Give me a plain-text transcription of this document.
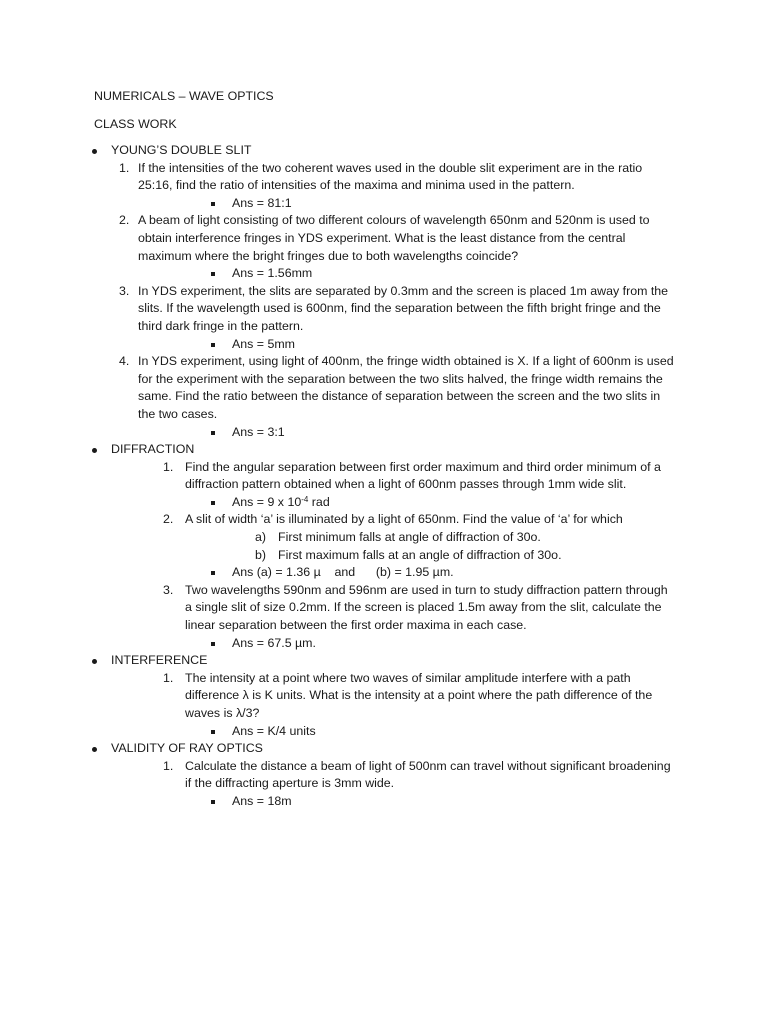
NUMERICALS – WAVE OPTICS
CLASS WORK
YOUNG’S DOUBLE SLIT
1. If the intensities of the two coherent waves used in the double slit experiment are in the ratio 25:16, find the ratio of intensities of the maxima and minima used in the pattern.
Ans = 81:1
2. A beam of light consisting of two different colours of wavelength 650nm and 520nm is used to obtain interference fringes in YDS experiment. What is the least distance from the central maximum where the bright fringes due to both wavelengths coincide?
Ans = 1.56mm
3. In YDS experiment, the slits are separated by 0.3mm and the screen is placed 1m away from the slits. If the wavelength used is 600nm, find the separation between the fifth bright fringe and the third dark fringe in the pattern.
Ans = 5mm
4. In YDS experiment, using light of 400nm, the fringe width obtained is X. If a light of 600nm is used for the experiment with the separation between the two slits halved, the fringe width remains the same. Find the ratio between the distance of separation between the screen and the two slits in the two cases.
Ans = 3:1
DIFFRACTION
1. Find the angular separation between first order maximum and third order minimum of a diffraction pattern obtained when a light of 600nm passes through 1mm wide slit.
Ans = 9 x $10^{-4}$ rad
2. A slit of width ‘a’ is illuminated by a light of 650nm. Find the value of ‘a’ for which
a) First minimum falls at angle of diffraction of 30o.
b) First maximum falls at an angle of diffraction of 30o.
Ans (a) = 1.36 µ    and      (b) = 1.95 µm.
3. Two wavelengths 590nm and 596nm are used in turn to study diffraction pattern through a single slit of size 0.2mm. If the screen is placed 1.5m away from the slit, calculate the linear separation between the first order maxima in each case.
Ans = 67.5 µm.
INTERFERENCE
1. The intensity at a point where two waves of similar amplitude interfere with a path difference λ is K units. What is the intensity at a point where the path difference of the waves is λ/3?
Ans = K/4 units
VALIDITY OF RAY OPTICS
1. Calculate the distance a beam of light of 500nm can travel without significant broadening if the diffracting aperture is 3mm wide.
Ans = 18m
